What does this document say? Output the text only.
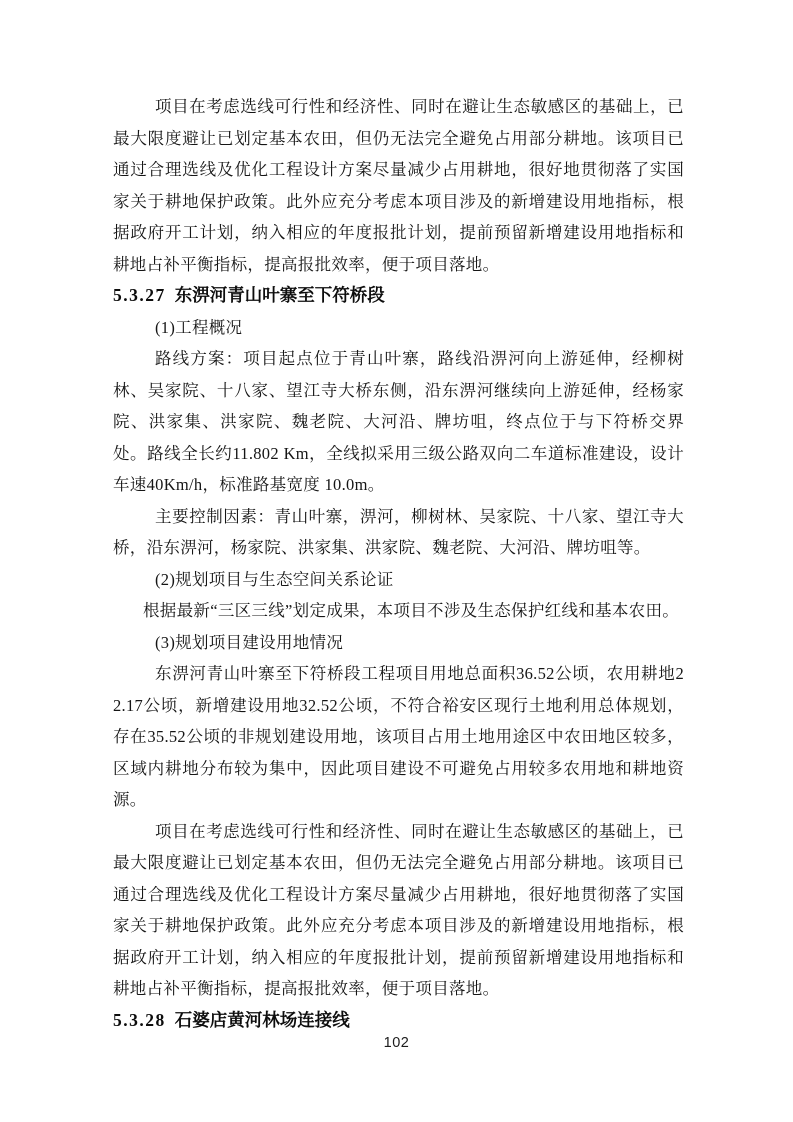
项目在考虑选线可行性和经济性、同时在避让生态敏感区的基础上，已最大限度避让已划定基本农田，但仍无法完全避免占用部分耕地。该项目已通过合理选线及优化工程设计方案尽量减少占用耕地，很好地贯彻落了实国家关于耕地保护政策。此外应充分考虑本项目涉及的新增建设用地指标，根据政府开工计划，纳入相应的年度报批计划，提前预留新增建设用地指标和耕地占补平衡指标，提高报批效率，便于项目落地。

5.3.27 东淠河青山叶寨至下符桥段

(1)工程概况

路线方案：项目起点位于青山叶寨，路线沿淠河向上游延伸，经柳树林、吴家院、十八家、望江寺大桥东侧，沿东淠河继续向上游延伸，经杨家院、洪家集、洪家院、魏老院、大河沿、牌坊咀，终点位于与下符桥交界处。路线全长约11.802 Km，全线拟采用三级公路双向二车道标准建设，设计车速40Km/h，标准路基宽度 10.0m。

主要控制因素：青山叶寨，淠河，柳树林、吴家院、十八家、望江寺大桥，沿东淠河，杨家院、洪家集、洪家院、魏老院、大河沿、牌坊咀等。

(2)规划项目与生态空间关系论证

根据最新“三区三线”划定成果，本项目不涉及生态保护红线和基本农田。

(3)规划项目建设用地情况

东淠河青山叶寨至下符桥段工程项目用地总面积36.52公顷，农用耕地22.17公顷，新增建设用地32.52公顷，不符合裕安区现行土地利用总体规划，存在35.52公顷的非规划建设用地，该项目占用土地用途区中农田地区较多，区域内耕地分布较为集中，因此项目建设不可避免占用较多农用地和耕地资源。

项目在考虑选线可行性和经济性、同时在避让生态敏感区的基础上，已最大限度避让已划定基本农田，但仍无法完全避免占用部分耕地。该项目已通过合理选线及优化工程设计方案尽量减少占用耕地，很好地贯彻落了实国家关于耕地保护政策。此外应充分考虑本项目涉及的新增建设用地指标，根据政府开工计划，纳入相应的年度报批计划，提前预留新增建设用地指标和耕地占补平衡指标，提高报批效率，便于项目落地。

5.3.28 石婆店黄河林场连接线
102
